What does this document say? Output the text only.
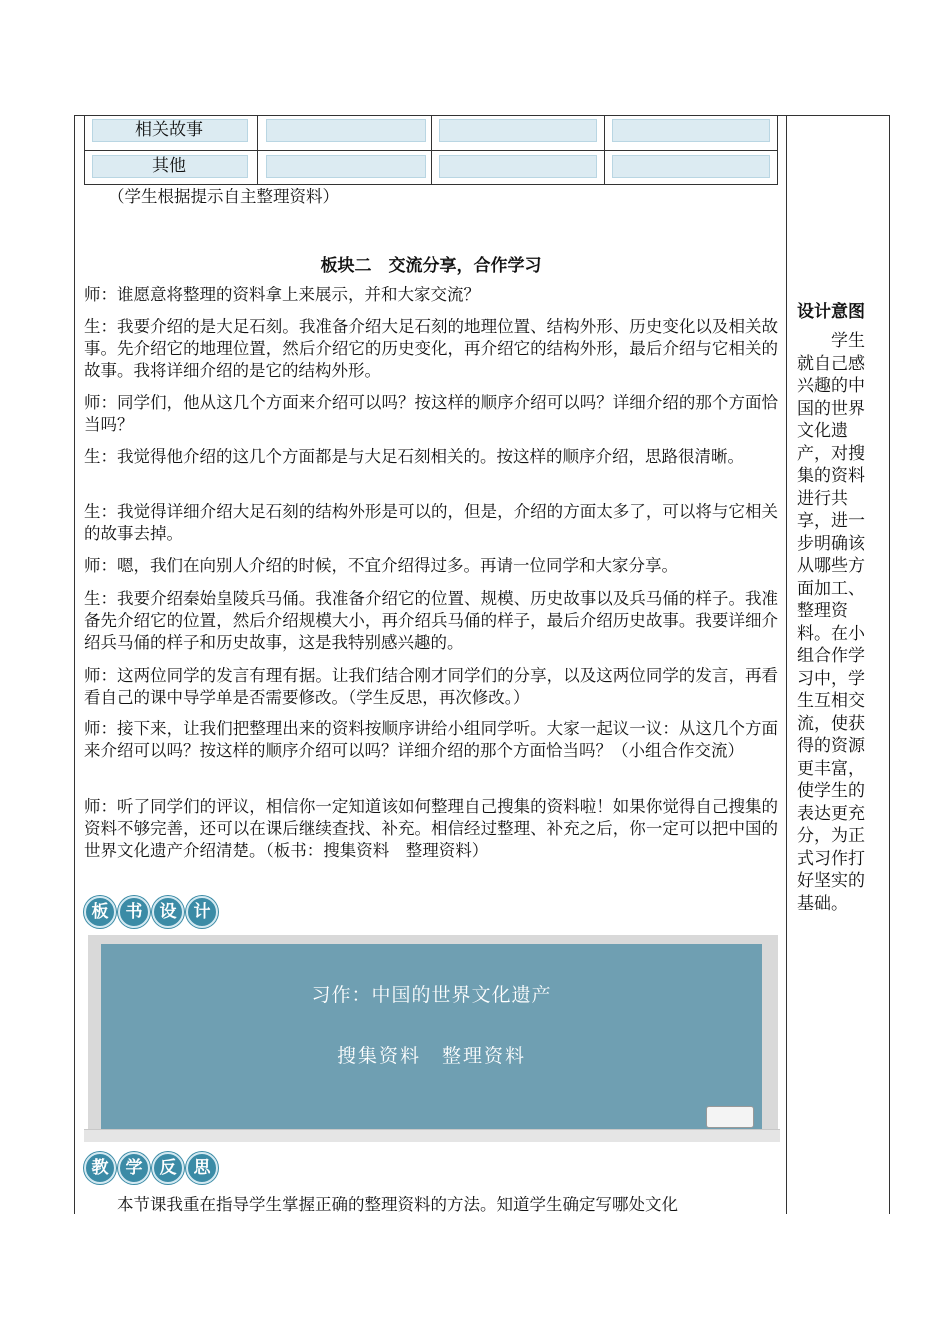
相关故事
其他
（学生根据提示自主整理资料）
板块二　交流分享，合作学习
师：谁愿意将整理的资料拿上来展示，并和大家交流？
生：我要介绍的是大足石刻。我准备介绍大足石刻的地理位置、结构外形、历史变化以及相关故事。先介绍它的地理位置，然后介绍它的历史变化，再介绍它的结构外形，最后介绍与它相关的故事。我将详细介绍的是它的结构外形。
师：同学们，他从这几个方面来介绍可以吗？按这样的顺序介绍可以吗？详细介绍的那个方面恰当吗？
生：我觉得他介绍的这几个方面都是与大足石刻相关的。按这样的顺序介绍，思路很清晰。
生：我觉得详细介绍大足石刻的结构外形是可以的，但是，介绍的方面太多了，可以将与它相关的故事去掉。
师：嗯，我们在向别人介绍的时候，不宜介绍得过多。再请一位同学和大家分享。
生：我要介绍秦始皇陵兵马俑。我准备介绍它的位置、规模、历史故事以及兵马俑的样子。我准备先介绍它的位置，然后介绍规模大小，再介绍兵马俑的样子，最后介绍历史故事。我要详细介绍兵马俑的样子和历史故事，这是我特别感兴趣的。
师：这两位同学的发言有理有据。让我们结合刚才同学们的分享，以及这两位同学的发言，再看看自己的课中导学单是否需要修改。（学生反思，再次修改。）
师：接下来，让我们把整理出来的资料按顺序讲给小组同学听。大家一起议一议：从这几个方面来介绍可以吗？按这样的顺序介绍可以吗？详细介绍的那个方面恰当吗？（小组合作交流）
师：听了同学们的评议，相信你一定知道该如何整理自己搜集的资料啦！如果你觉得自己搜集的资料不够完善，还可以在课后继续查找、补充。相信经过整理、补充之后，你一定可以把中国的世界文化遗产介绍清楚。（板书：搜集资料　整理资料）
设计意图
学生就自己感兴趣的中国的世界文化遗产，对搜集的资料进行共享，进一步明确该从哪些方面加工、整理资料。在小组合作学习中，学生互相交流，使获得的资源更丰富，使学生的表达更充分，为正式习作打好坚实的基础。
板	书	设	计
习作：中国的世界文化遗产
搜集资料　整理资料
教	学	反	思
本节课我重在指导学生掌握正确的整理资料的方法。知道学生确定写哪处文化
